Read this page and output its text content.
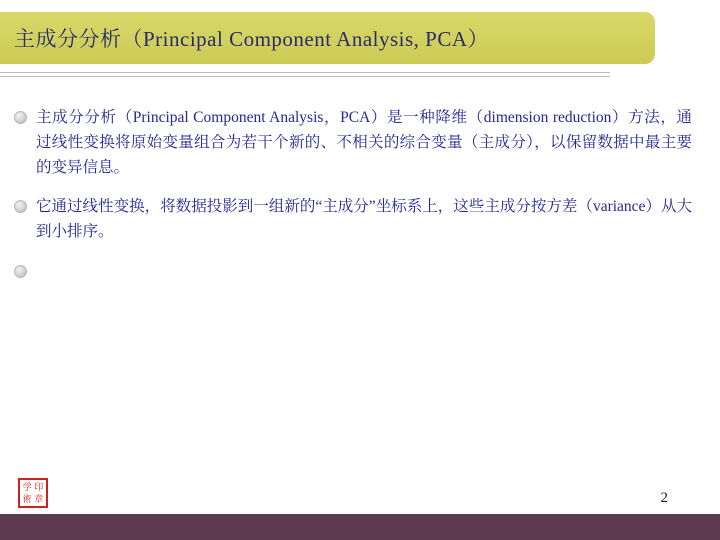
主成分分析（Principal Component Analysis, PCA）
主成分分析（Principal Component Analysis，PCA）是一种降维（dimension reduction）方法，通过线性变换将原始变量组合为若干个新的、不相关的综合变量（主成分），以保留数据中最主要的变异信息。
它通过线性变换，将数据投影到一组新的“主成分”坐标系上，这些主成分按方差（variance）从大到小排序。
学 印
術 章	2
